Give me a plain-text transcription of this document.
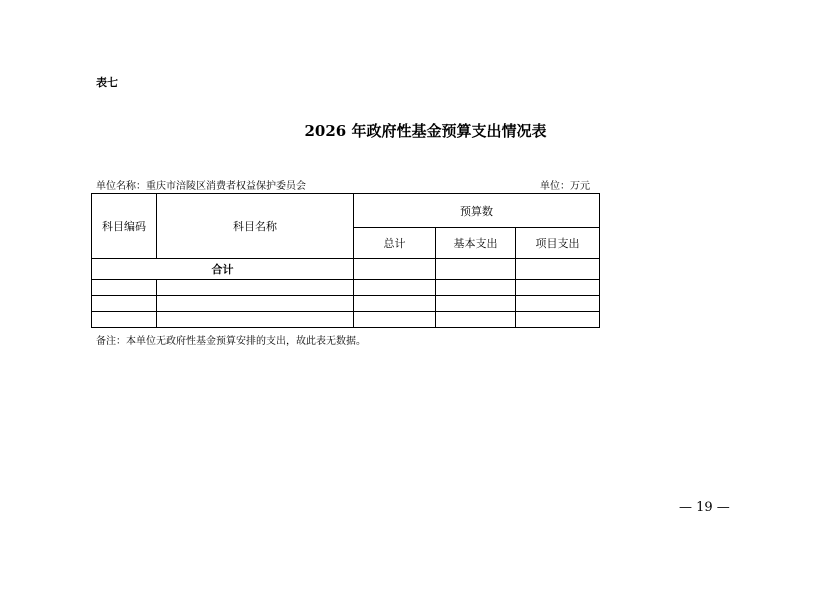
表七
2026 年政府性基金预算支出情况表
单位名称：重庆市涪陵区消费者权益保护委员会	单位：万元
科目编码	科目名称	预算数		
		总计	基本支出	项目支出
合计				

备注：本单位无政府性基金预算安排的支出，故此表无数据。
— 19 —
